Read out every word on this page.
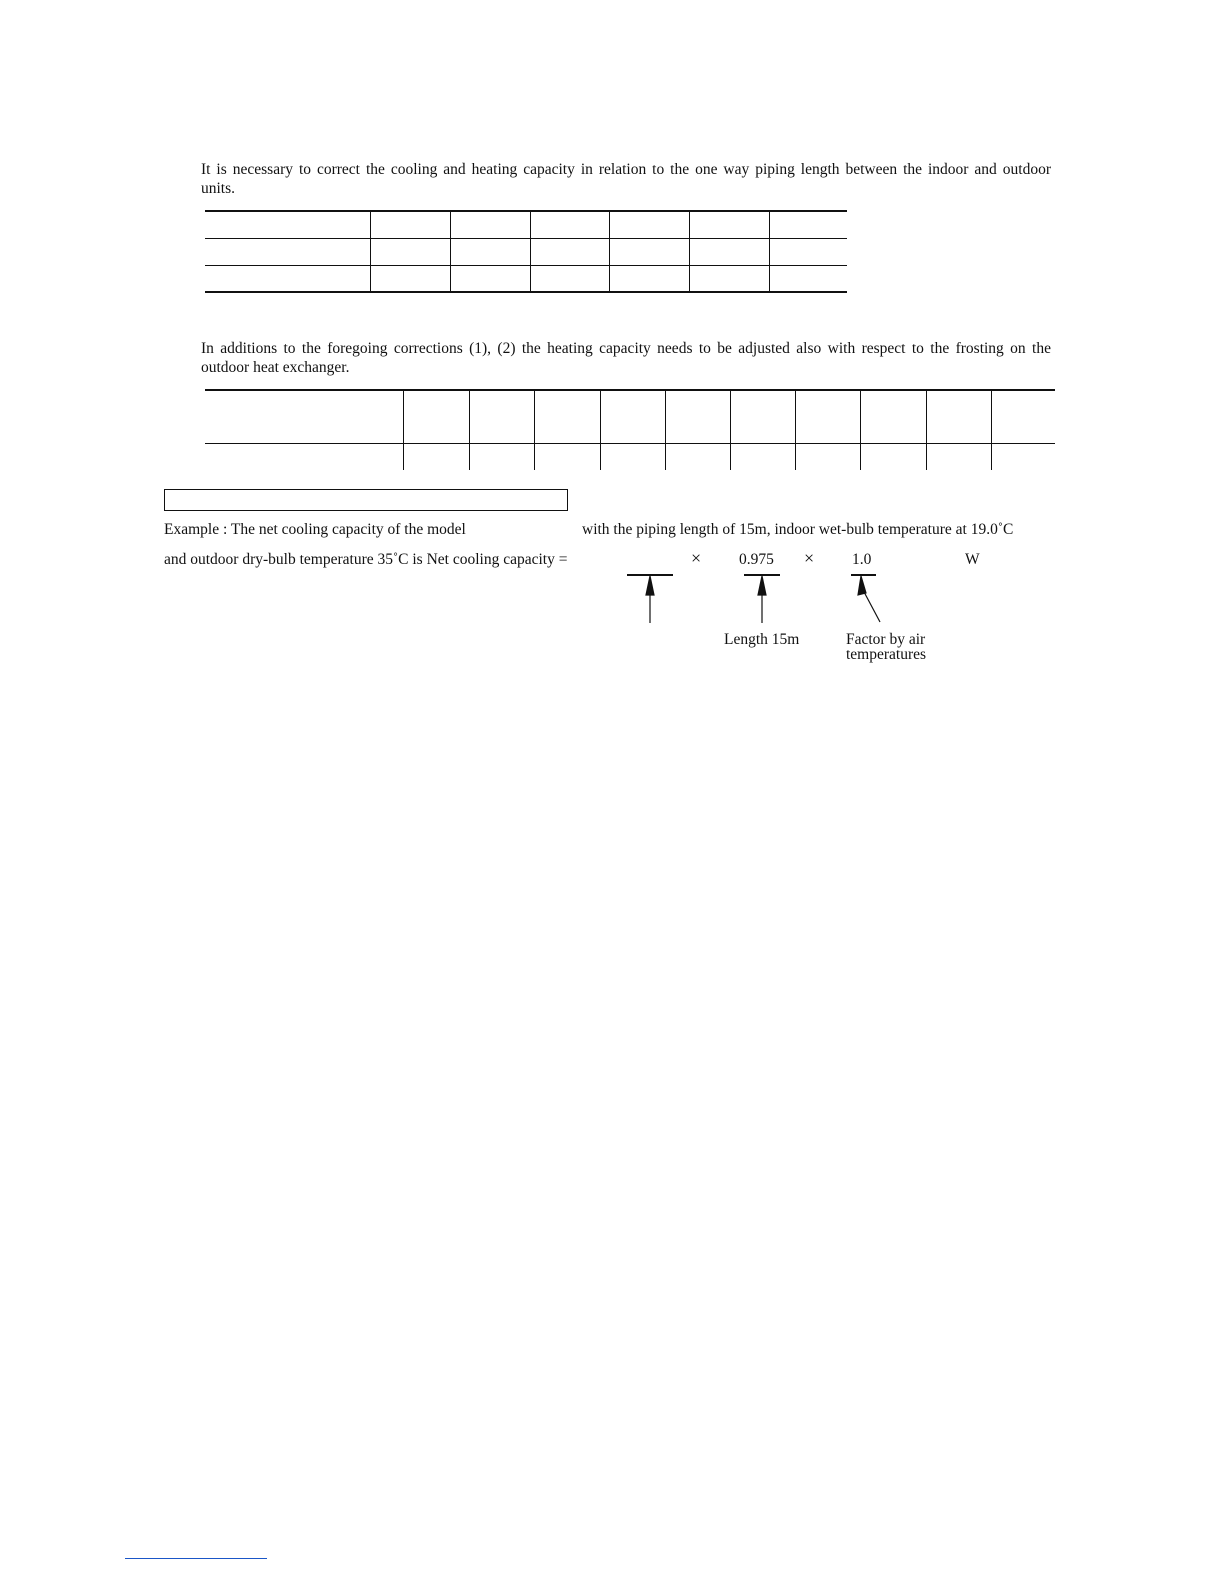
It is necessary to correct the cooling and heating capacity in relation to the one way piping length between the indoor and outdoor
units.

In additions to the foregoing corrections (1), (2) the heating capacity needs to be adjusted also with respect to the frosting on the
outdoor heat exchanger.

Example : The net cooling capacity of the model	with the piping length of 15m, indoor wet-bulb temperature at 19.0˚C
and outdoor dry-bulb temperature 35˚C is Net cooling capacity =	× 0.975 × 1.0	W
Length 15m	Factor by air
temperatures
